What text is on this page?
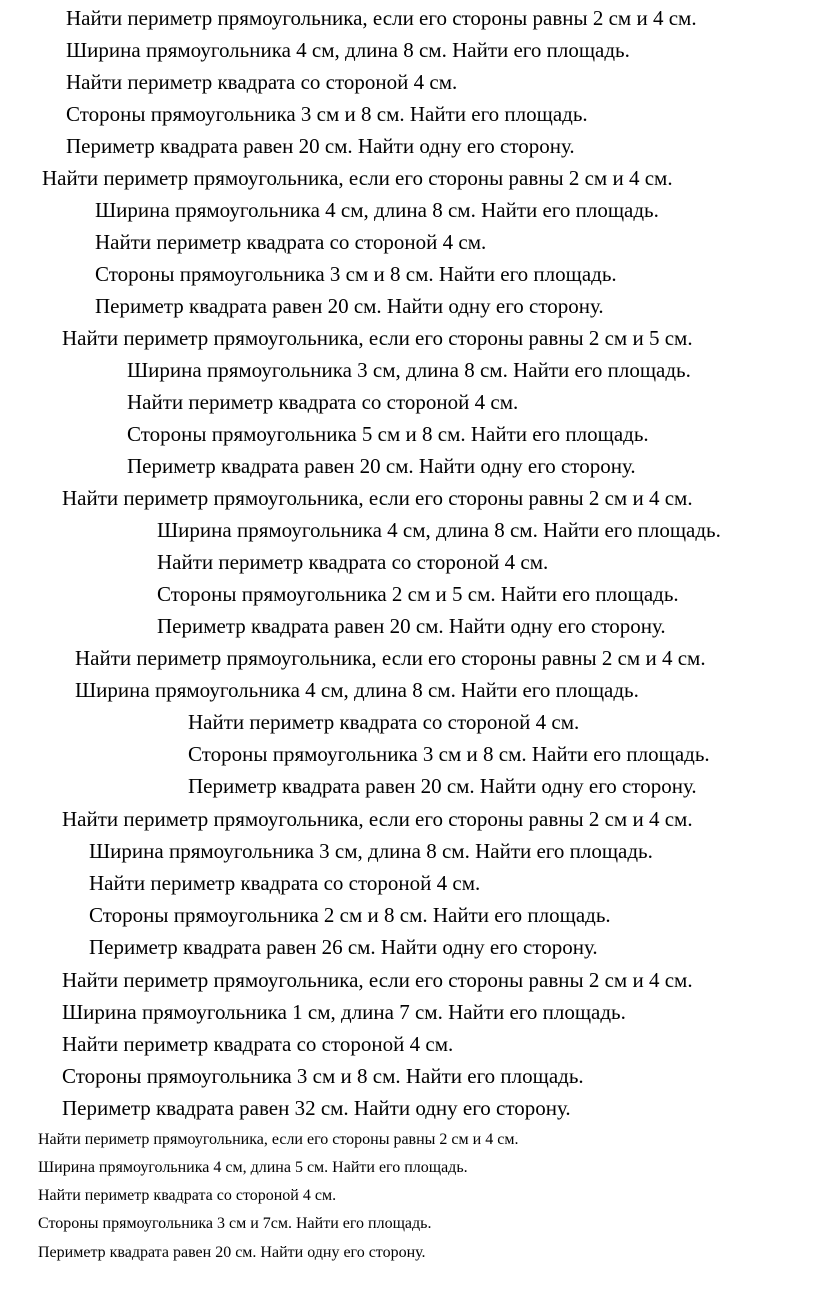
Найти периметр прямоугольника, если его стороны равны 2 см и 4 см.
Ширина прямоугольника 4 см, длина 8 см. Найти его площадь.
Найти периметр квадрата со стороной 4 см.
Стороны прямоугольника 3 см и 8 см. Найти его площадь.
Периметр квадрата равен 20 см. Найти одну его сторону.
Найти периметр прямоугольника, если его стороны равны 2 см и 4 см.
Ширина прямоугольника 4 см, длина 8 см. Найти его площадь.
Найти периметр квадрата со стороной 4 см.
Стороны прямоугольника 3 см и 8 см. Найти его площадь.
Периметр квадрата равен 20 см. Найти одну его сторону.
Найти периметр прямоугольника, если его стороны равны 2 см и 5 см.
Ширина прямоугольника 3 см, длина 8 см. Найти его площадь.
Найти периметр квадрата со стороной 4 см.
Стороны прямоугольника 5 см и 8 см. Найти его площадь.
Периметр квадрата равен 20 см. Найти одну его сторону.
Найти периметр прямоугольника, если его стороны равны 2 см и 4 см.
Ширина прямоугольника 4 см, длина 8 см. Найти его площадь.
Найти периметр квадрата со стороной 4 см.
Стороны прямоугольника 2 см и 5 см. Найти его площадь.
Периметр квадрата равен 20 см. Найти одну его сторону.
Найти периметр прямоугольника, если его стороны равны 2 см и 4 см.
Ширина прямоугольника 4 см, длина 8 см. Найти его площадь.
Найти периметр квадрата со стороной 4 см.
Стороны прямоугольника 3 см и 8 см. Найти его площадь.
Периметр квадрата равен 20 см. Найти одну его сторону.
Найти периметр прямоугольника, если его стороны равны 2 см и 4 см.
Ширина прямоугольника 3 см, длина 8 см. Найти его площадь.
Найти периметр квадрата со стороной 4 см.
Стороны прямоугольника 2 см и 8 см. Найти его площадь.
Периметр квадрата равен 26 см. Найти одну его сторону.
Найти периметр прямоугольника, если его стороны равны 2 см и 4 см.
Ширина прямоугольника 1 см, длина 7 см. Найти его площадь.
Найти периметр квадрата со стороной 4 см.
Стороны прямоугольника 3 см и 8 см. Найти его площадь.
Периметр квадрата равен 32 см. Найти одну его сторону.
Найти периметр прямоугольника, если его стороны равны 2 см и 4 см.
Ширина прямоугольника 4 см, длина 5 см. Найти его площадь.
Найти периметр квадрата со стороной 4 см.
Стороны прямоугольника 3 см и 7см. Найти его площадь.
Периметр квадрата равен 20 см. Найти одну его сторону.
